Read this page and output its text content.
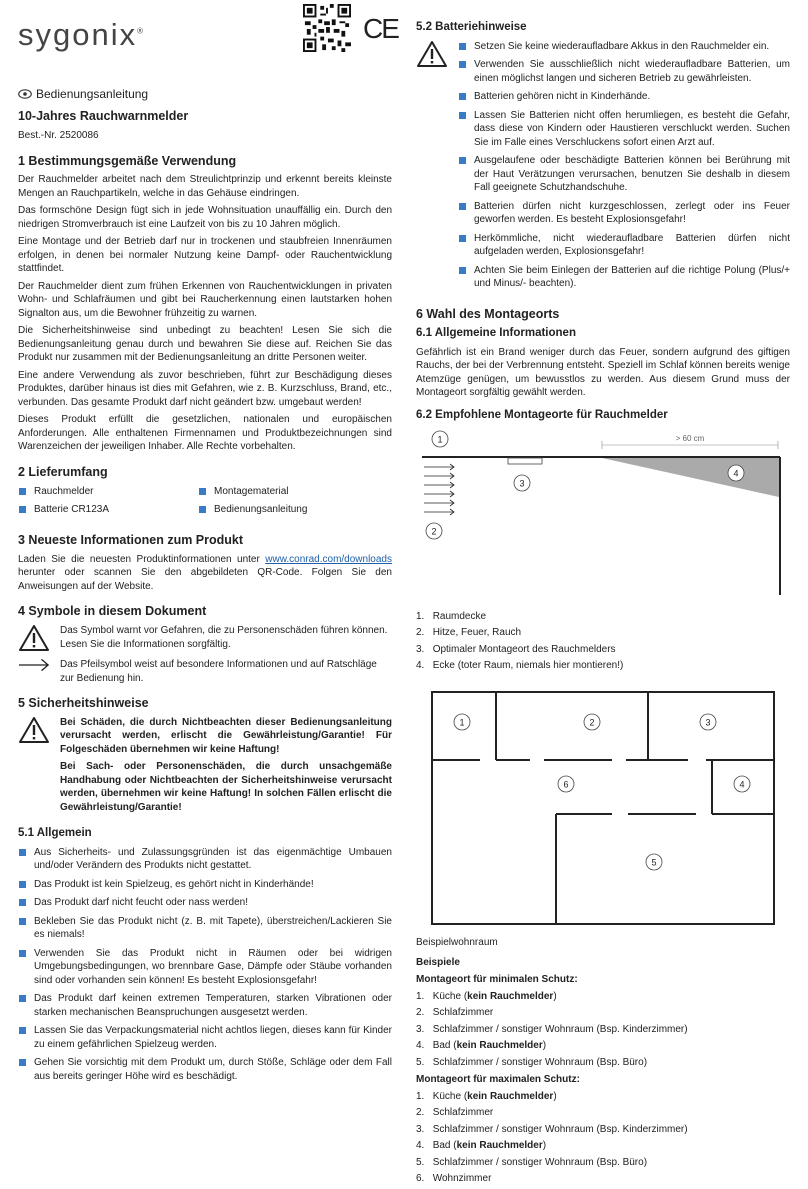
sygonix®	CE
Bedienungsanleitung
10-Jahres Rauchwarnmelder

Best.-Nr. 2520086

1 Bestimmungsgemäße Verwendung

Der Rauchmelder arbeitet nach dem Streulichtprinzip und erkennt bereits kleinste Mengen an Rauchpartikeln, welche in das Gehäuse eindringen.

Das formschöne Design fügt sich in jede Wohnsituation unauffällig ein. Durch den niedrigen Stromverbrauch ist eine Laufzeit von bis zu 10 Jahren möglich.

Eine Montage und der Betrieb darf nur in trockenen und staubfreien Innenräumen erfolgen, in denen bei normaler Nutzung keine Dampf- oder Rauchentwicklung stattfindet.

Der Rauchmelder dient zum frühen Erkennen von Rauchentwicklungen in privaten Wohn- und Schlafräumen und gibt bei Raucherkennung einen lautstarken hohen Signalton aus, um die Bewohner frühzeitig zu warnen.

Die Sicherheitshinweise sind unbedingt zu beachten! Lesen Sie sich die Bedienungsanleitung genau durch und bewahren Sie diese auf. Reichen Sie das Produkt nur zusammen mit der Bedienungsanleitung an dritte Personen weiter.

Eine andere Verwendung als zuvor beschrieben, führt zur Beschädigung dieses Produktes, darüber hinaus ist dies mit Gefahren, wie z. B. Kurzschluss, Brand, etc., verbunden. Das gesamte Produkt darf nicht geändert bzw. umgebaut werden!

Dieses Produkt erfüllt die gesetzlichen, nationalen und europäischen Anforderungen. Alle enthaltenen Firmennamen und Produktbezeichnungen sind Warenzeichen der jeweiligen Inhaber. Alle Rechte vorbehalten.

2 Lieferumfang
Rauchmelder
Batterie CR123A
Montagematerial
Bedienungsanleitung
3 Neueste Informationen zum Produkt

Laden Sie die neuesten Produktinformationen unter www.conrad.com/downloads herunter oder scannen Sie den abgebildeten QR-Code. Folgen Sie den Anweisungen auf der Website.

4 Symbole in diesem Dokument
Das Symbol warnt vor Gefahren, die zu Personenschäden führen können. Lesen Sie die Informationen sorgfältig.
Das Pfeilsymbol weist auf besondere Informationen und auf Ratschläge zur Bedienung hin.
5 Sicherheitshinweise

Bei Schäden, die durch Nichtbeachten dieser Bedienungsanleitung verursacht werden, erlischt die Gewährleistung/Garantie! Für Folgeschäden übernehmen wir keine Haftung!

Bei Sach- oder Personenschäden, die durch unsachgemäße Handhabung oder Nichtbeachten der Sicherheitshinweise verursacht werden, übernehmen wir keine Haftung! In solchen Fällen erlischt die Gewährleistung/Garantie!

5.1 Allgemein
Aus Sicherheits- und Zulassungsgründen ist das eigenmächtige Umbauen und/oder Verändern des Produkts nicht gestattet.
Das Produkt ist kein Spielzeug, es gehört nicht in Kinderhände!
Das Produkt darf nicht feucht oder nass werden!
Bekleben Sie das Produkt nicht (z. B. mit Tapete), überstreichen/Lackieren Sie es niemals!
Verwenden Sie das Produkt nicht in Räumen oder bei widrigen Umgebungsbedingungen, wo brennbare Gase, Dämpfe oder Stäube vorhanden sind oder vorhanden sein können! Es besteht Explosionsgefahr!
Das Produkt darf keinen extremen Temperaturen, starken Vibrationen oder starken mechanischen Beanspruchungen ausgesetzt werden.
Lassen Sie das Verpackungsmaterial nicht achtlos liegen, dieses kann für Kinder zu einem gefährlichen Spielzeug werden.
Gehen Sie vorsichtig mit dem Produkt um, durch Stöße, Schläge oder dem Fall aus bereits geringer Höhe wird es beschädigt.
5.2 Batteriehinweise
Setzen Sie keine wiederaufladbare Akkus in den Rauchmelder ein.
Verwenden Sie ausschließlich nicht wiederaufladbare Batterien, um einen möglichst langen und sicheren Betrieb zu gewährleisten.
Batterien gehören nicht in Kinderhände.
Lassen Sie Batterien nicht offen herumliegen, es besteht die Gefahr, dass diese von Kindern oder Haustieren verschluckt werden. Suchen Sie im Falle eines Verschluckens sofort einen Arzt auf.
Ausgelaufene oder beschädigte Batterien können bei Berührung mit der Haut Verätzungen verursachen, benutzen Sie deshalb in diesem Fall geeignete Schutzhandschuhe.
Batterien dürfen nicht kurzgeschlossen, zerlegt oder ins Feuer geworfen werden. Es besteht Explosionsgefahr!
Herkömmliche, nicht wiederaufladbare Batterien dürfen nicht aufgeladen werden, Explosionsgefahr!
Achten Sie beim Einlegen der Batterien auf die richtige Polung (Plus/+ und Minus/- beachten).
6 Wahl des Montageorts
6.1 Allgemeine Informationen

Gefährlich ist ein Brand weniger durch das Feuer, sondern aufgrund des giftigen Rauchs, der bei der Verbrennung entsteht. Speziell im Schlaf können bereits wenige Atemzüge genügen, um bewusstlos zu werden. Aus diesem Grund muss der Montageort sorgfältig gewählt werden.

6.2 Empfohlene Montageorte für Rauchmelder
> 60 cm
1
2
3
4
1.   Raumdecke
2.   Hitze, Feuer, Rauch
3.   Optimaler Montageort des Rauchmelders
4.   Ecke (toter Raum, niemals hier montieren!)
1	2	3
4
5
6
Beispielwohnraum
Beispiele
Montageort für minimalen Schutz:
1.   Küche (kein Rauchmelder)
2.   Schlafzimmer
3.   Schlafzimmer / sonstiger Wohnraum (Bsp. Kinderzimmer)
4.   Bad (kein Rauchmelder)
5.   Schlafzimmer / sonstiger Wohnraum (Bsp. Büro)
Montageort für maximalen Schutz:
1.   Küche (kein Rauchmelder)
2.   Schlafzimmer
3.   Schlafzimmer / sonstiger Wohnraum (Bsp. Kinderzimmer)
4.   Bad (kein Rauchmelder)
5.   Schlafzimmer / sonstiger Wohnraum (Bsp. Büro)
6.   Wohnzimmer
